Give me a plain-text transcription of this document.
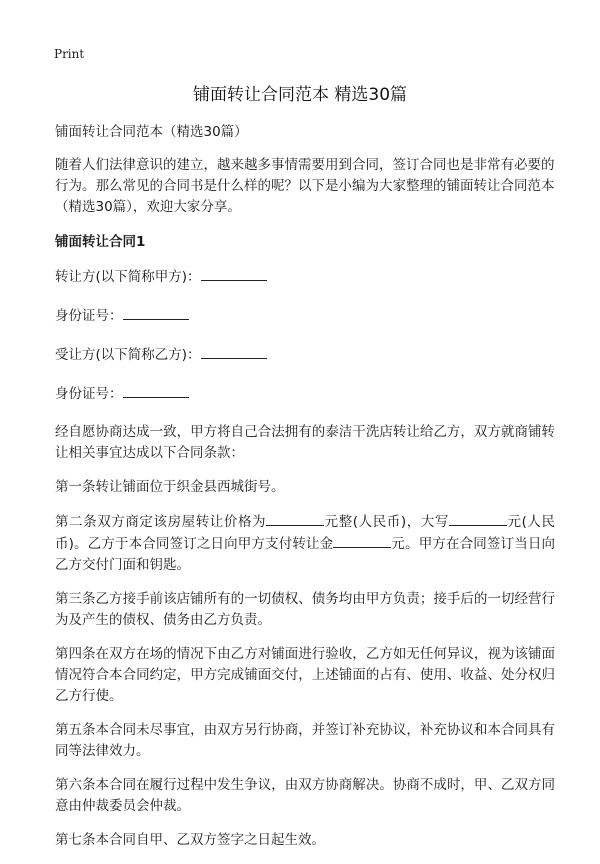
Print
铺面转让合同范本 精选30篇

铺面转让合同范本（精选30篇）

随着人们法律意识的建立，越来越多事情需要用到合同，签订合同也是非常有必要的行为。那么常见的合同书是什么样的呢？以下是小编为大家整理的铺面转让合同范本（精选30篇），欢迎大家分享。

铺面转让合同1

转让方(以下简称甲方)：

身份证号：

受让方(以下简称乙方)：

身份证号：

经自愿协商达成一致，甲方将自己合法拥有的泰洁干洗店转让给乙方，双方就商铺转让相关事宜达成以下合同条款：

第一条转让铺面位于织金县西城街号。

第二条双方商定该房屋转让价格为	元整(人民币)，大写	元(人民币)。乙方于本合同签订之日向甲方支付转让金	元。甲方在合同签订当日向乙方交付门面和钥匙。

第三条乙方接手前该店铺所有的一切债权、债务均由甲方负责；接手后的一切经营行为及产生的债权、债务由乙方负责。

第四条在双方在场的情况下由乙方对铺面进行验收，乙方如无任何异议，视为该铺面情况符合本合同约定，甲方完成铺面交付，上述铺面的占有、使用、收益、处分权归乙方行使。

第五条本合同未尽事宜，由双方另行协商，并签订补充协议，补充协议和本合同具有同等法律效力。

第六条本合同在履行过程中发生争议，由双方协商解决。协商不成时，甲、乙双方同意由仲裁委员会仲裁。

第七条本合同自甲、乙双方签字之日起生效。
